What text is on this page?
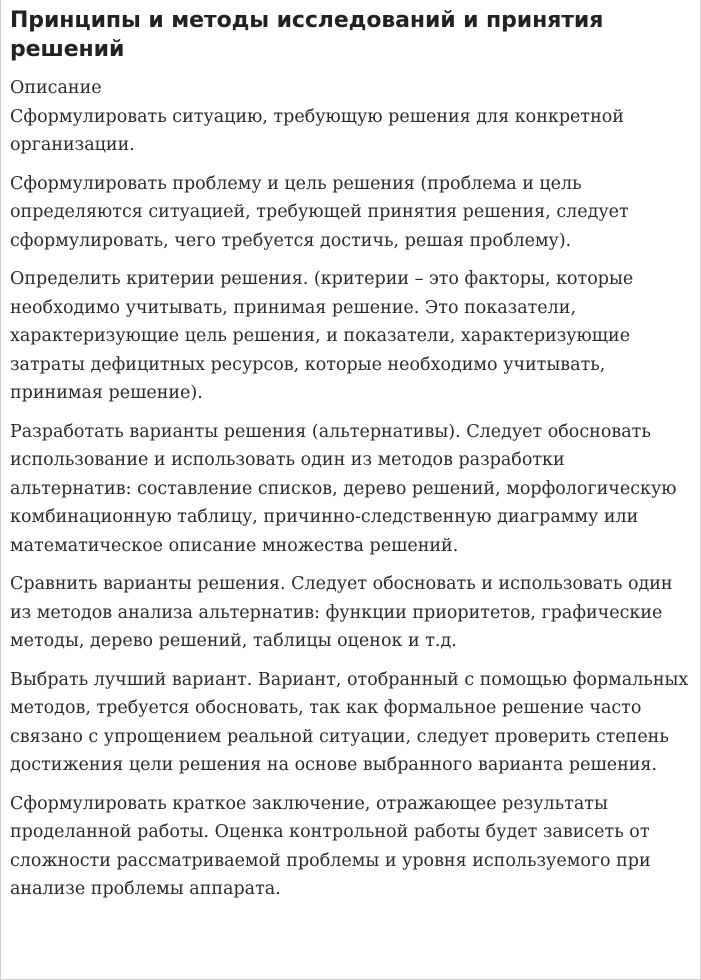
Принципы и методы исследований и принятия решений

Описание

Сформулировать ситуацию, требующую решения для конкретной организации.

Сформулировать проблему и цель решения (проблема и цель определяются ситуацией, требующей принятия решения, следует сформулировать, чего требуется достичь, решая проблему).

Определить критерии решения. (критерии – это факторы, которые необходимо учитывать, принимая решение. Это показатели, характеризующие цель решения, и показатели, характеризующие затраты дефицитных ресурсов, которые необходимо учитывать, принимая решение).

Разработать варианты решения (альтернативы). Следует обосновать использование и использовать один из методов разработки альтернатив: составление списков, дерево решений, морфологическую комбинационную таблицу, причинно-следственную диаграмму или математическое описание множества решений.

Сравнить варианты решения. Следует обосновать и использовать один из методов анализа альтернатив: функции приоритетов, графические методы, дерево решений, таблицы оценок и т.д.

Выбрать лучший вариант. Вариант, отобранный с помощью формальных методов, требуется обосновать, так как формальное решение часто связано с упрощением реальной ситуации, следует проверить степень достижения цели решения на основе выбранного варианта решения.

Сформулировать краткое заключение, отражающее результаты проделанной работы. Оценка контрольной работы будет зависеть от сложности рассматриваемой проблемы и уровня используемого при анализе проблемы аппарата.
